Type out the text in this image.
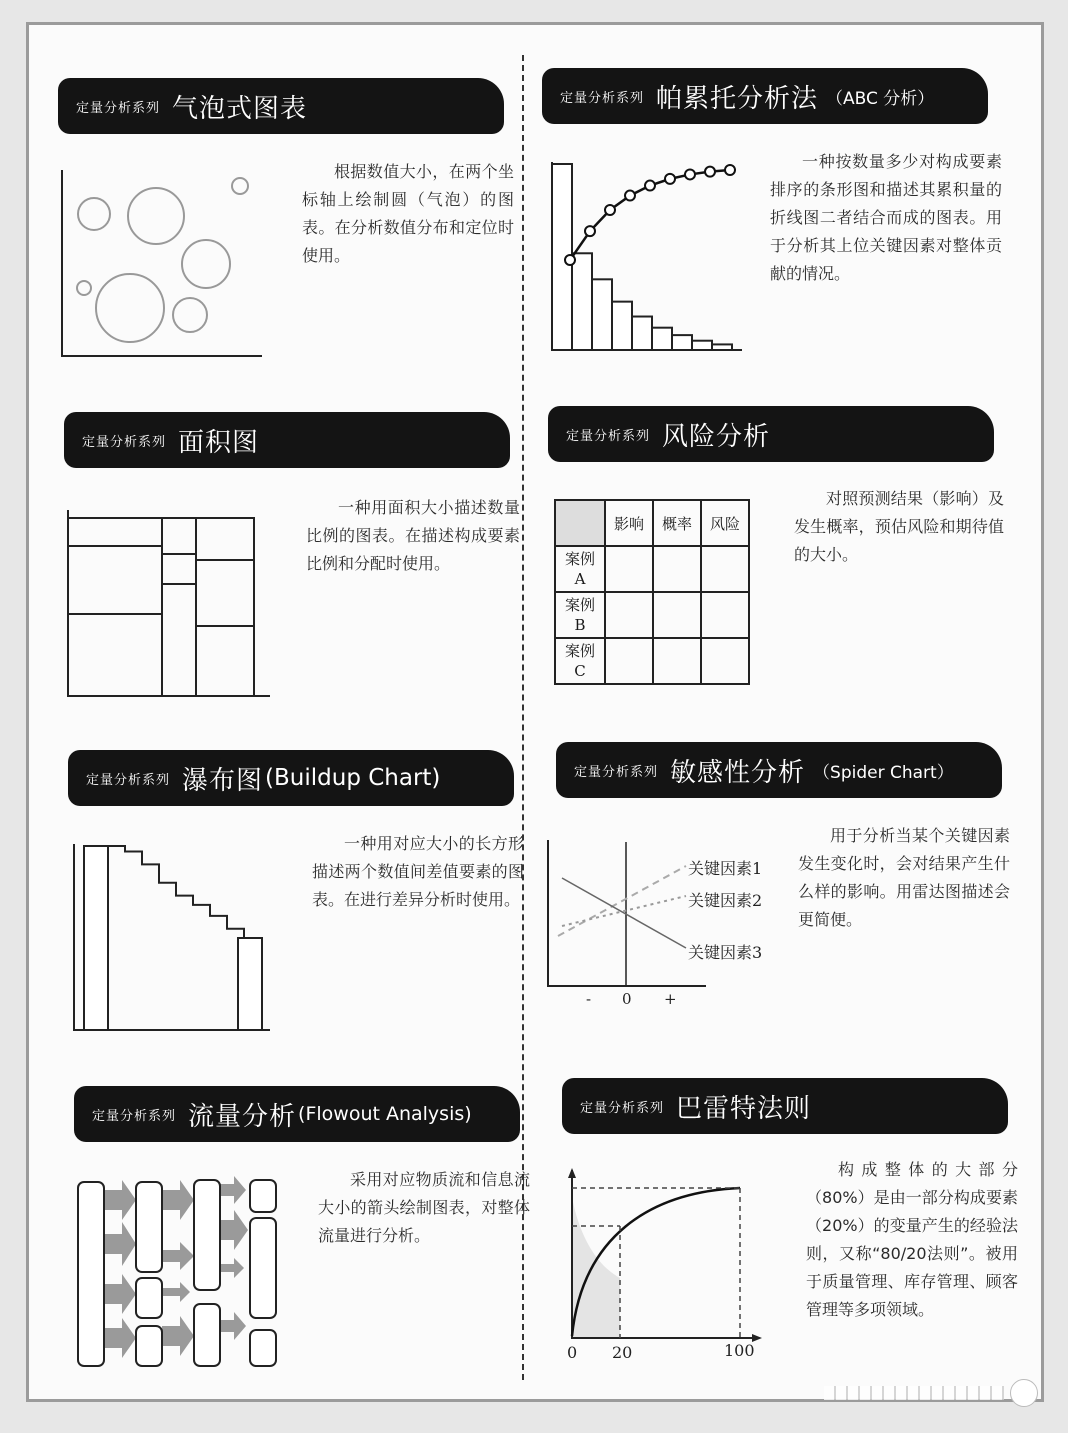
定量分析系列 气泡式图表
根据数值大小，在两个坐标轴上绘制圆（气泡）的图表。在分析数值分布和定位时使用。
定量分析系列 帕累托分析法 （ABC 分析）
一种按数量多少对构成要素排序的条形图和描述其累积量的折线图二者结合而成的图表。用于分析其上位关键因素对整体贡献的情况。
定量分析系列 面积图
一种用面积大小描述数量比例的图表。在描述构成要素比例和分配时使用。
定量分析系列 风险分析
	影响	概率	风险

案例
A			

案例
B			

案例
C			

对照预测结果（影响）及发生概率，预估风险和期待值的大小。
定量分析系列 瀑布图 (Buildup Chart)
一种用对应大小的长方形描述两个数值间差值要素的图表。在进行差异分析时使用。
定量分析系列 敏感性分析 （Spider Chart）
关键因素1
关键因素2
关键因素3
- 0 +
用于分析当某个关键因素发生变化时，会对结果产生什么样的影响。用雷达图描述会更简便。
定量分析系列 流量分析 (Flowout Analysis)
采用对应物质流和信息流大小的箭头绘制图表，对整体流量进行分析。
定量分析系列 巴雷特法则
0 20	100
构成整体的大部分（80%）是由一部分构成要素（20%）的变量产生的经验法则，又称“80/20法则”。被用于质量管理、库存管理、顾客管理等多项领域。
